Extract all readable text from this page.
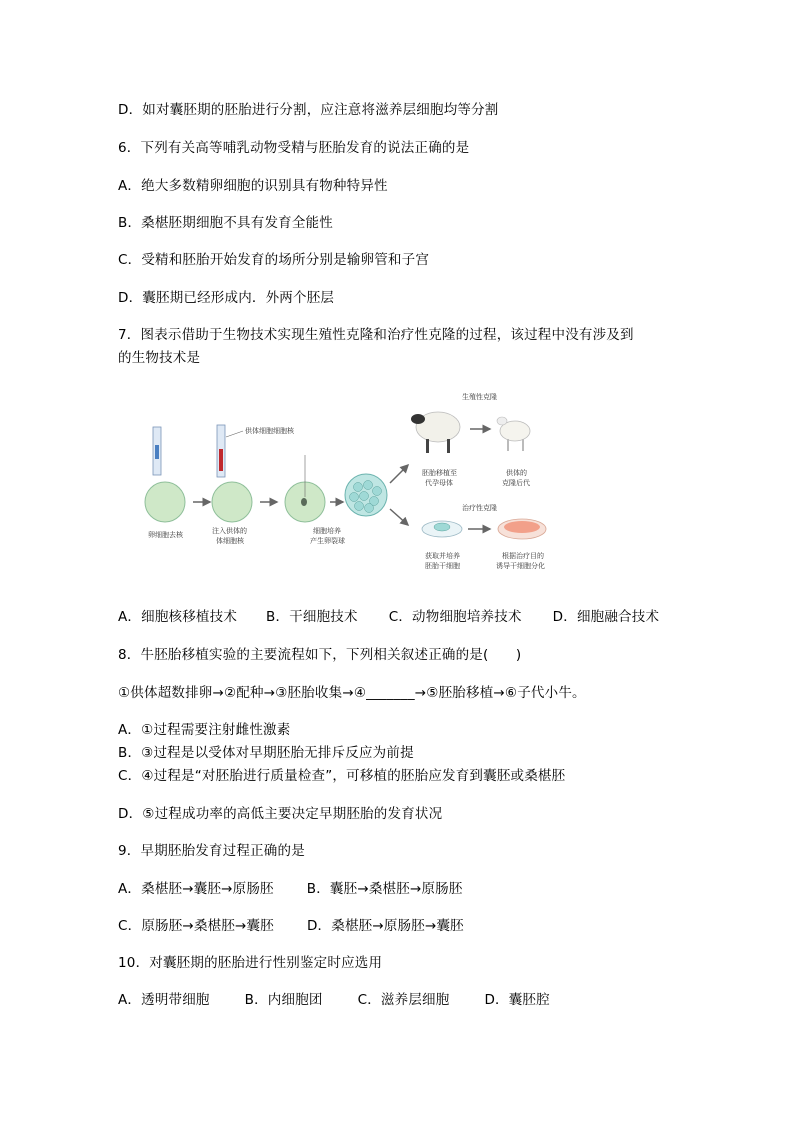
D．如对囊胚期的胚胎进行分割，应注意将滋养层细胞均等分割
6．下列有关高等哺乳动物受精与胚胎发育的说法正确的是
A．绝大多数精卵细胞的识别具有物种特异性
B．桑椹胚期细胞不具有发育全能性
C．受精和胚胎开始发育的场所分别是输卵管和子宫
D．囊胚期已经形成内．外两个胚层
7．图表示借助于生物技术实现生殖性克隆和治疗性克隆的过程，该过程中没有涉及到
的生物技术是
卵细胞去核
供体细胞细胞核
注入供体的
体细胞核
细胞培养
产生卵裂球
生殖性克隆
胚胎移植至
代孕母体
供体的
克隆后代
治疗性克隆
获取并培养
胚胎干细胞
根据治疗目的
诱导干细胞分化
A．细胞核移植技术 B．干细胞技术 C．动物细胞培养技术 D．细胞融合技术
8．牛胚胎移植实验的主要流程如下，下列相关叙述正确的是(　　)
①供体超数排卵→②配种→③胚胎收集→④_______→⑤胚胎移植→⑥子代小牛。
A．①过程需要注射雌性激素
B．③过程是以受体对早期胚胎无排斥反应为前提
C．④过程是“对胚胎进行质量检查”，可移植的胚胎应发育到囊胚或桑椹胚
D．⑤过程成功率的高低主要决定早期胚胎的发育状况
9．早期胚胎发育过程正确的是
A．桑椹胚→囊胚→原肠胚 B．囊胚→桑椹胚→原肠胚
C．原肠胚→桑椹胚→囊胚 D．桑椹胚→原肠胚→囊胚
10．对囊胚期的胚胎进行性别鉴定时应选用
A．透明带细胞	B．内细胞团	C．滋养层细胞	D．囊胚腔
